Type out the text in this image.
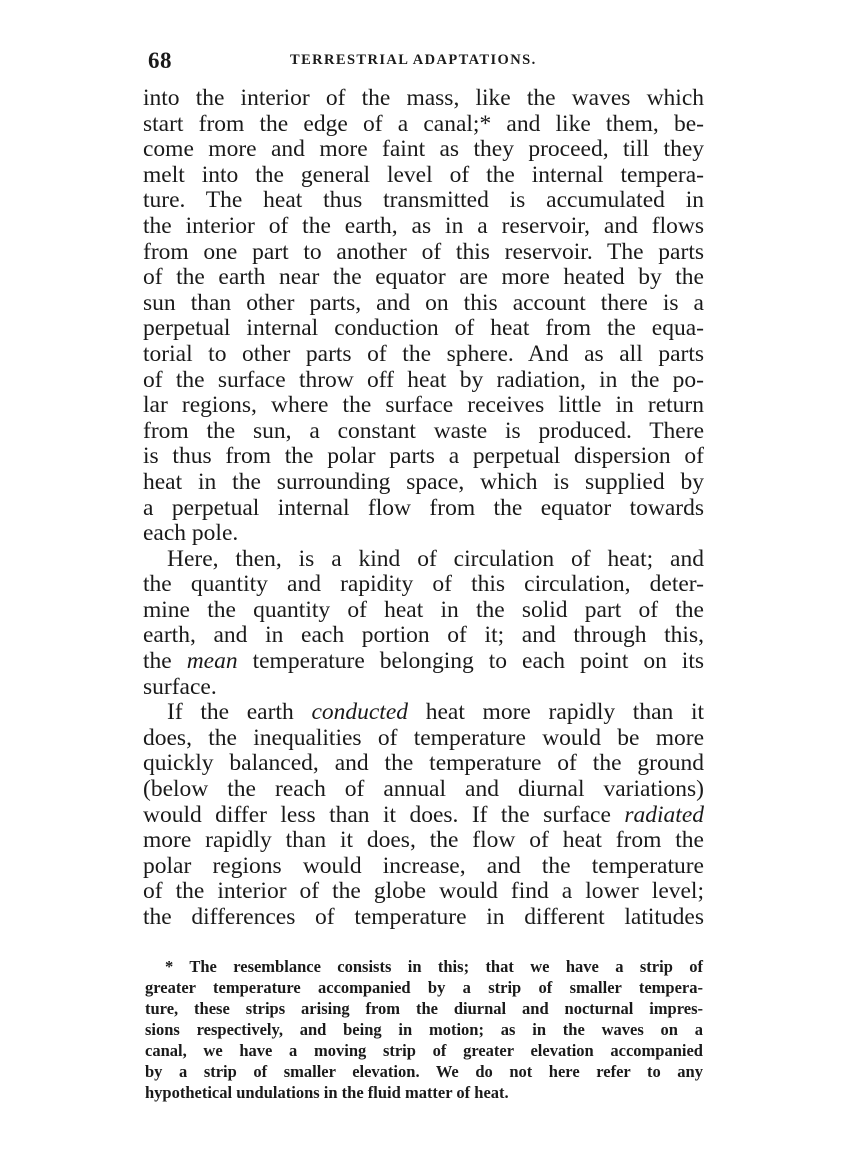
68	TERRESTRIAL ADAPTATIONS.
into the interior of the mass, like the waves which
start from the edge of a canal;* and like them, be-
come more and more faint as they proceed, till they
melt into the general level of the internal tempera-
ture. The heat thus transmitted is accumulated in
the interior of the earth, as in a reservoir, and flows
from one part to another of this reservoir. The parts
of the earth near the equator are more heated by the
sun than other parts, and on this account there is a
perpetual internal conduction of heat from the equa-
torial to other parts of the sphere. And as all parts
of the surface throw off heat by radiation, in the po-
lar regions, where the surface receives little in return
from the sun, a constant waste is produced. There
is thus from the polar parts a perpetual dispersion of
heat in the surrounding space, which is supplied by
a perpetual internal flow from the equator towards
each pole.
Here, then, is a kind of circulation of heat; and
the quantity and rapidity of this circulation, deter-
mine the quantity of heat in the solid part of the
earth, and in each portion of it; and through this,
the mean temperature belonging to each point on its
surface.
If the earth conducted heat more rapidly than it
does, the inequalities of temperature would be more
quickly balanced, and the temperature of the ground
(below the reach of annual and diurnal variations)
would differ less than it does. If the surface radiated
more rapidly than it does, the flow of heat from the
polar regions would increase, and the temperature
of the interior of the globe would find a lower level;
the differences of temperature in different latitudes
* The resemblance consists in this; that we have a strip of
greater temperature accompanied by a strip of smaller tempera-
ture, these strips arising from the diurnal and nocturnal impres-
sions respectively, and being in motion; as in the waves on a
canal, we have a moving strip of greater elevation accompanied
by a strip of smaller elevation. We do not here refer to any
hypothetical undulations in the fluid matter of heat.
